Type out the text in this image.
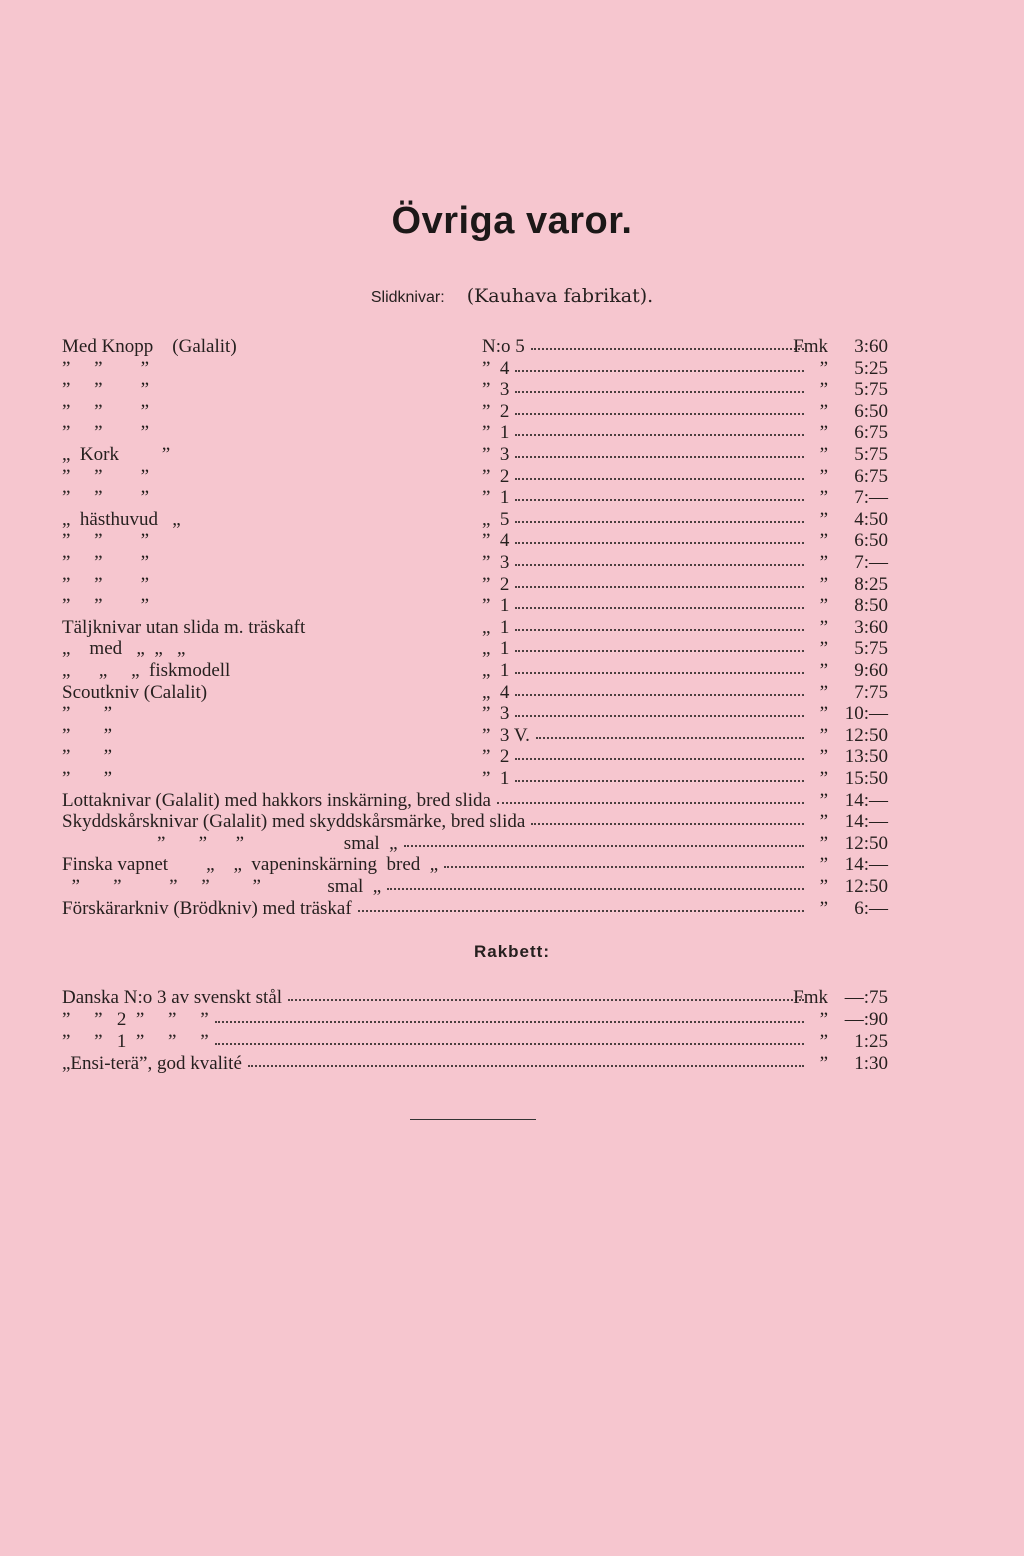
Övriga varor.
Slidknivar: (Kauhava fabrikat).
Med Knopp    (Galalit)	N:o 5	Fmk 3:60
”     ”        ”	”  4	” 5:25
”     ”        ”	”  3	” 5:75
”     ”        ”	”  2	” 6:50
”     ”        ”	”  1	” 6:75
„  Kork         ”	”  3	” 5:75
”     ”        ”	”  2	” 6:75
”     ”        ”	”  1	” 7:—
„  hästhuvud   „	„  5	” 4:50
”     ”        ”	”  4	” 6:50
”     ”        ”	”  3	” 7:—
”     ”        ”	”  2	” 8:25
”     ”        ”	”  1	” 8:50
Täljknivar utan slida m. träskaft	„  1	” 3:60
„    med   „  „   „	„  1	” 5:75
„      „     „  fiskmodell	„  1	” 9:60
Scoutkniv (Calalit)	„  4	” 7:75
”       ”	”  3	” 10:—
”       ”	”  3 V.	” 12:50
”       ”	”  2	” 13:50
”       ”	”  1	” 15:50
Lottaknivar (Galalit) med hakkors inskärning, bred slida	” 14:—
Skyddskårsknivar (Galalit) med skyddskårsmärke, bred slida	” 14:—
”       ”      ”                     smal  „	” 12:50
Finska vapnet        „    „  vapeninskärning  bred  „	” 14:—
”       ”          ”     ”         ”              smal  „	” 12:50
Förskärarkniv (Brödkniv) med träskaf	” 6:—
Rakbett:
Danska N:o 3 av svenskt stål	Fmk —:75
”     ”   2  ”     ”     ”	” —:90
”     ”   1  ”     ”     ”	” 1:25
„Ensi-terä”, god kvalité	” 1:30
